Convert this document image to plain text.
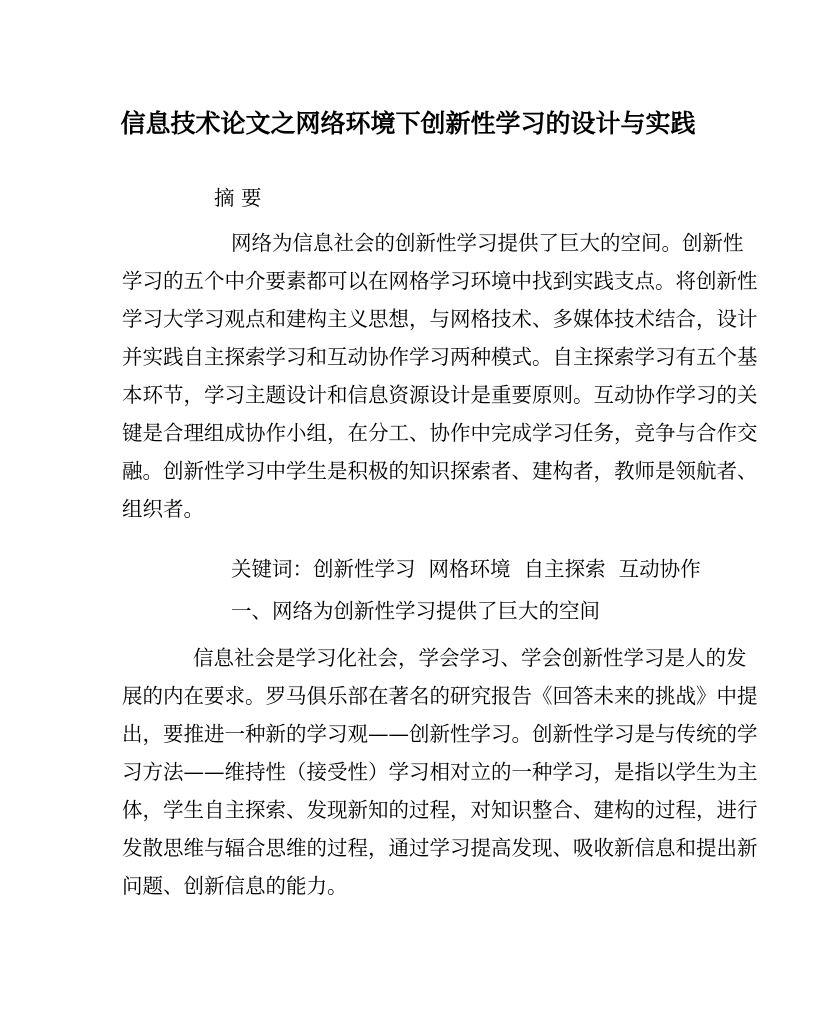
信息技术论文之网络环境下创新性学习的设计与实践
摘 要
网络为信息社会的创新性学习提供了巨大的空间。创新性
学习的五个中介要素都可以在网格学习环境中找到实践支点。将创新性
学习大学习观点和建构主义思想，与网格技术、多媒体技术结合，设计
并实践自主探索学习和互动协作学习两种模式。自主探索学习有五个基
本环节，学习主题设计和信息资源设计是重要原则。互动协作学习的关
键是合理组成协作小组，在分工、协作中完成学习任务，竞争与合作交
融。创新性学习中学生是积极的知识探索者、建构者，教师是领航者、
组织者。
关键词：创新性学习  网格环境  自主探索  互动协作
一、网络为创新性学习提供了巨大的空间
信息社会是学习化社会，学会学习、学会创新性学习是人的发
展的内在要求。罗马俱乐部在著名的研究报告《回答未来的挑战》中提
出，要推进一种新的学习观——创新性学习。创新性学习是与传统的学
习方法——维持性（接受性）学习相对立的一种学习，是指以学生为主
体，学生自主探索、发现新知的过程，对知识整合、建构的过程，进行
发散思维与辐合思维的过程，通过学习提高发现、吸收新信息和提出新
问题、创新信息的能力。
